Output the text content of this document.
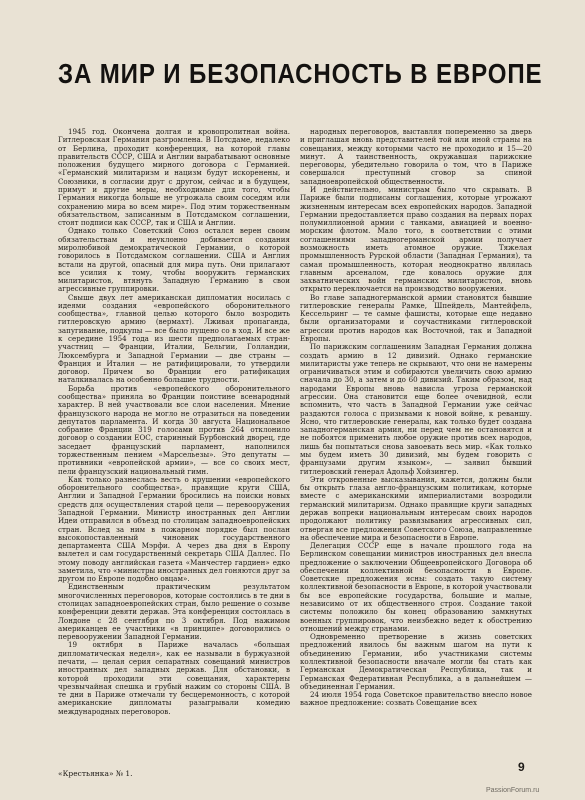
ЗА МИР И БЕЗОПАСНОСТЬ В ЕВРОПЕ

1945 год. Окончена долгая и кровопролитная война. Гитлеровская Германия разгромлена. В Потсдаме, недалеко от Берлина, проходит конференция, на которой главы правительств СССР, США и Англии вырабатывают основные положения будущего мирного договора с Германией. «Германский милитаризм и нацизм будут искоренены, и Союзники, в согласии друг с другом, сейчас и в будущем, примут и другие меры, необходимые для того, чтобы Германия никогда больше не угрожала своим соседям или сохранению мира во всем мире». Под этим торжественным обязательством, записанным в Потсдамском соглашении, стоят подписи как СССР, так и США и Англии.

Однако только Советский Союз остался верен своим обязательствам и неуклонно добивается создания миролюбивой демократической Германии, о которой говорилось в Потсдамском соглашении. США и Англия встали на другой, опасный для мира путь. Они прилагают все усилия к тому, чтобы вооружить германских милитаристов, втянуть Западную Германию в свои агрессивные группировки.

Свыше двух лет американская дипломатия носилась с идеями создания «европейского оборонительного сообщества», главной целью которого было возродить гитлеровскую армию (вермахт). Лживая пропаганда, запугивание, подкупы — все было пущено со в ход. И все же к середине 1954 года из шести предполагаемых стран-участниц — Франции, Италии, Бельгии, Голландии, Люксембурга и Западной Германии — две страны — Франция и Италия — не ратифицировали, то утвердили договор. Причем во Франции его ратификация наталкивалась на особенно большие трудности.

Борьба против «европейского оборонительного сообщества» приняла во Франции поистине всенародный характер. В ней участвовали все слои населения. Мнение французского народа не могло не отразиться на поведении депутатов парламента. И когда 30 августа Национальное собрание Франции 319 голосами против 264 отклонило договор о создании ЕОС, старинный Бурбонский дворец, где заседает французский парламент, наполнился торжественным пением «Марсельезы». Это депутаты — противники «европейской армии», — все со своих мест, пели французский национальный гимн.

Как только разнеслась весть о крушении «европейского оборонительного сообщества», правящие круги США, Англии и Западной Германии бросились на поиски новых средств для осуществления старой цели — перевооружения Западной Германии. Министр иностранных дел Англии Идеи отправился в объезд по столицам западноевропейских стран. Вслед за ним в пожарном порядке был послан высокопоставленный чиновник государственного департамента США Мэрфи. А через два дня в Европу вылетел и сам государственный секретарь США Даллес. По этому поводу английская газета «Манчестер гардиен» едко заметила, что «министры иностранных дел гоняются друг за другом по Европе подобно овцам».

Единственным практическим результатом многочисленных переговоров, которые состоялись в те дни в столицах западноевропейских стран, было решение о созыве конференции девяти держав. Эта конференция состоялась в Лондоне с 28 сентября по 3 октября. Под нажимом американцев ее участники «в принципе» договорились о перевооружении Западной Германии.

19 октября в Париже началась «большая дипломатическая неделя», как ее называли в буржуазной печати, — целая серия сепаратных совещаний министров иностранных дел западных держав. Для обстановки, в которой проходили эти совещания, характерны чрезвычайная спешка и грубый нажим со стороны США. В те дни в Париже отмечали ту бесцеремонность, с которой американские дипломаты разыгрывали комедию международных переговоров.

народных переговоров, выставляя попеременно за дверь и приглашая вновь представителей той или иной страны на совещания, между которыми часто не проходило и 15—20 минут. А таинственность, окружавшая парижские переговоры, убедительно говорила о том, что в Париже совершался преступный сговор за спиной западноевропейской общественности.

И действительно, министрам было что скрывать. В Париже были подписаны соглашения, которые угрожают жизненным интересам всех европейских народов. Западной Германии предоставляется право создания на первых порах полумиллионной армии с танками, авиацией и военно-морским флотом. Мало того, в соответствии с этими соглашениями западногерманской армии получает возможность иметь атомное оружие. Тяжелая промышленность Рурской области (Западная Германия), та самая промышленность, которая неоднократно являлась главным арсеналом, где ковалось оружие для захватнических войн германских милитаристов, вновь открыто переключается на производство вооружения.

Во главе западногерманской армии становятся бывшие гитлеровские генералы Рамке, Шпейдель, Мантейфель, Кессельринг — те самые фашисты, которые еще недавно были организаторами и соучастниками гитлеровской агрессии против народов как Восточной, так и Западной Европы.

По парижским соглашениям Западная Германия должна создать армию в 12 дивизий. Однако германские милитаристы уже теперь не скрывают, что они не намерены ограничиваться этим и собираются увеличить свою армию сначала до 30, а затем и до 60 дивизий. Таким образом, над народами Европы вновь нависла угроза германской агрессии. Она становится еще более очевидной, если вспомнить, что часть в Западной Германии уже сейчас раздаются голоса с призывами к новой войне, к реваншу. Ясно, что гитлеровские генералы, как только будет создана западногерманская армия, ни перед чем не остановятся и не побоятся применить любое оружие против всех народов, лишь бы попытаться снова завоевать весь мир. «Как только мы будем иметь 30 дивизий, мы будем говорить с французами другим языком», — заявил бывший гитлеровский генерал Адольф Хойзингер.

Эти откровенные высказывания, кажется, должны были бы открыть глаза англо-французским политикам, которые вместе с американскими империалистами возродили германский милитаризм. Однако правящие круги западных держав вопреки национальным интересам своих народов продолжают политику развязывания агрессивных сил, отвергая все предложения Советского Союза, направленные на обеспечение мира и безопасности в Европе.

Делегация СССР еще в начале прошлого года на Берлинском совещании министров иностранных дел внесла предложение о заключении Общеевропейского Договора об обеспечении коллективной безопасности в Европе. Советские предложения ясны: создать такую систему коллективной безопасности в Европе, в которой участвовали бы все европейские государства, большие и малые, независимо от их общественного строя. Создание такой системы положило бы конец образованию замкнутых военных группировок, что неизбежно ведет к обострению отношений между странами.

Одновременно претворение в жизнь советских предложений явилось бы важным шагом на пути к объединению Германии, ибо участниками системы коллективной безопасности вначале могли бы стать как Германская Демократическая Республика, так и Германская Федеративная Республика, а в дальнейшем — объединенная Германия.

24 июля 1954 года Советское правительство внесло новое важное предложение: созвать Совещание всех

«Крестьянка» № 1.	9
PassionForum.ru
